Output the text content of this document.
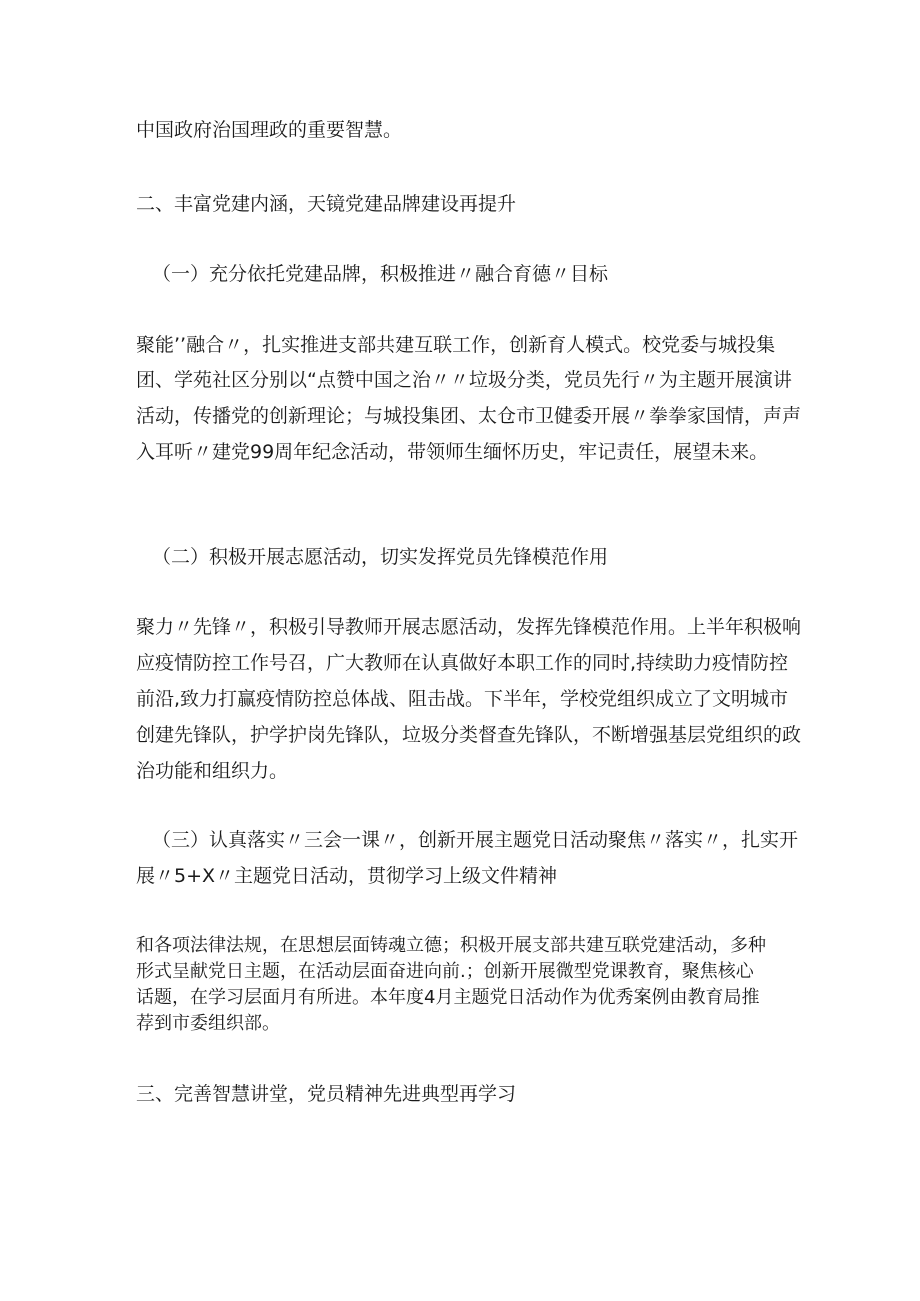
中国政府治国理政的重要智慧。
二、丰富党建内涵，天镜党建品牌建设再提升
（一）充分依托党建品牌，积极推进〃融合育德〃目标
聚能’’融合〃，扎实推进支部共建互联工作，创新育人模式。校党委与城投集
团、学苑社区分别以“点赞中国之治〃〃垃圾分类，党员先行〃为主题开展演讲
活动，传播党的创新理论；与城投集团、太仓市卫健委开展〃拳拳家国情，声声
入耳听〃建党99周年纪念活动，带领师生缅怀历史，牢记责任，展望未来。
（二）积极开展志愿活动，切实发挥党员先锋模范作用
聚力〃先锋〃，积极引导教师开展志愿活动，发挥先锋模范作用。上半年积极响
应疫情防控工作号召，广大教师在认真做好本职工作的同时,持续助力疫情防控
前沿,致力打赢疫情防控总体战、阻击战。下半年，学校党组织成立了文明城市
创建先锋队，护学护岗先锋队，垃圾分类督查先锋队，不断增强基层党组织的政
治功能和组织力。
（三）认真落实〃三会一课〃，创新开展主题党日活动聚焦〃落实〃，扎实开
展〃5+X〃主题党日活动，贯彻学习上级文件精神
和各项法律法规，在思想层面铸魂立德；积极开展支部共建互联党建活动，多种
形式呈献党日主题，在活动层面奋进向前.；创新开展微型党课教育，聚焦核心
话题，在学习层面月有所进。本年度4月主题党日活动作为优秀案例由教育局推
荐到市委组织部。
三、完善智慧讲堂，党员精神先进典型再学习
